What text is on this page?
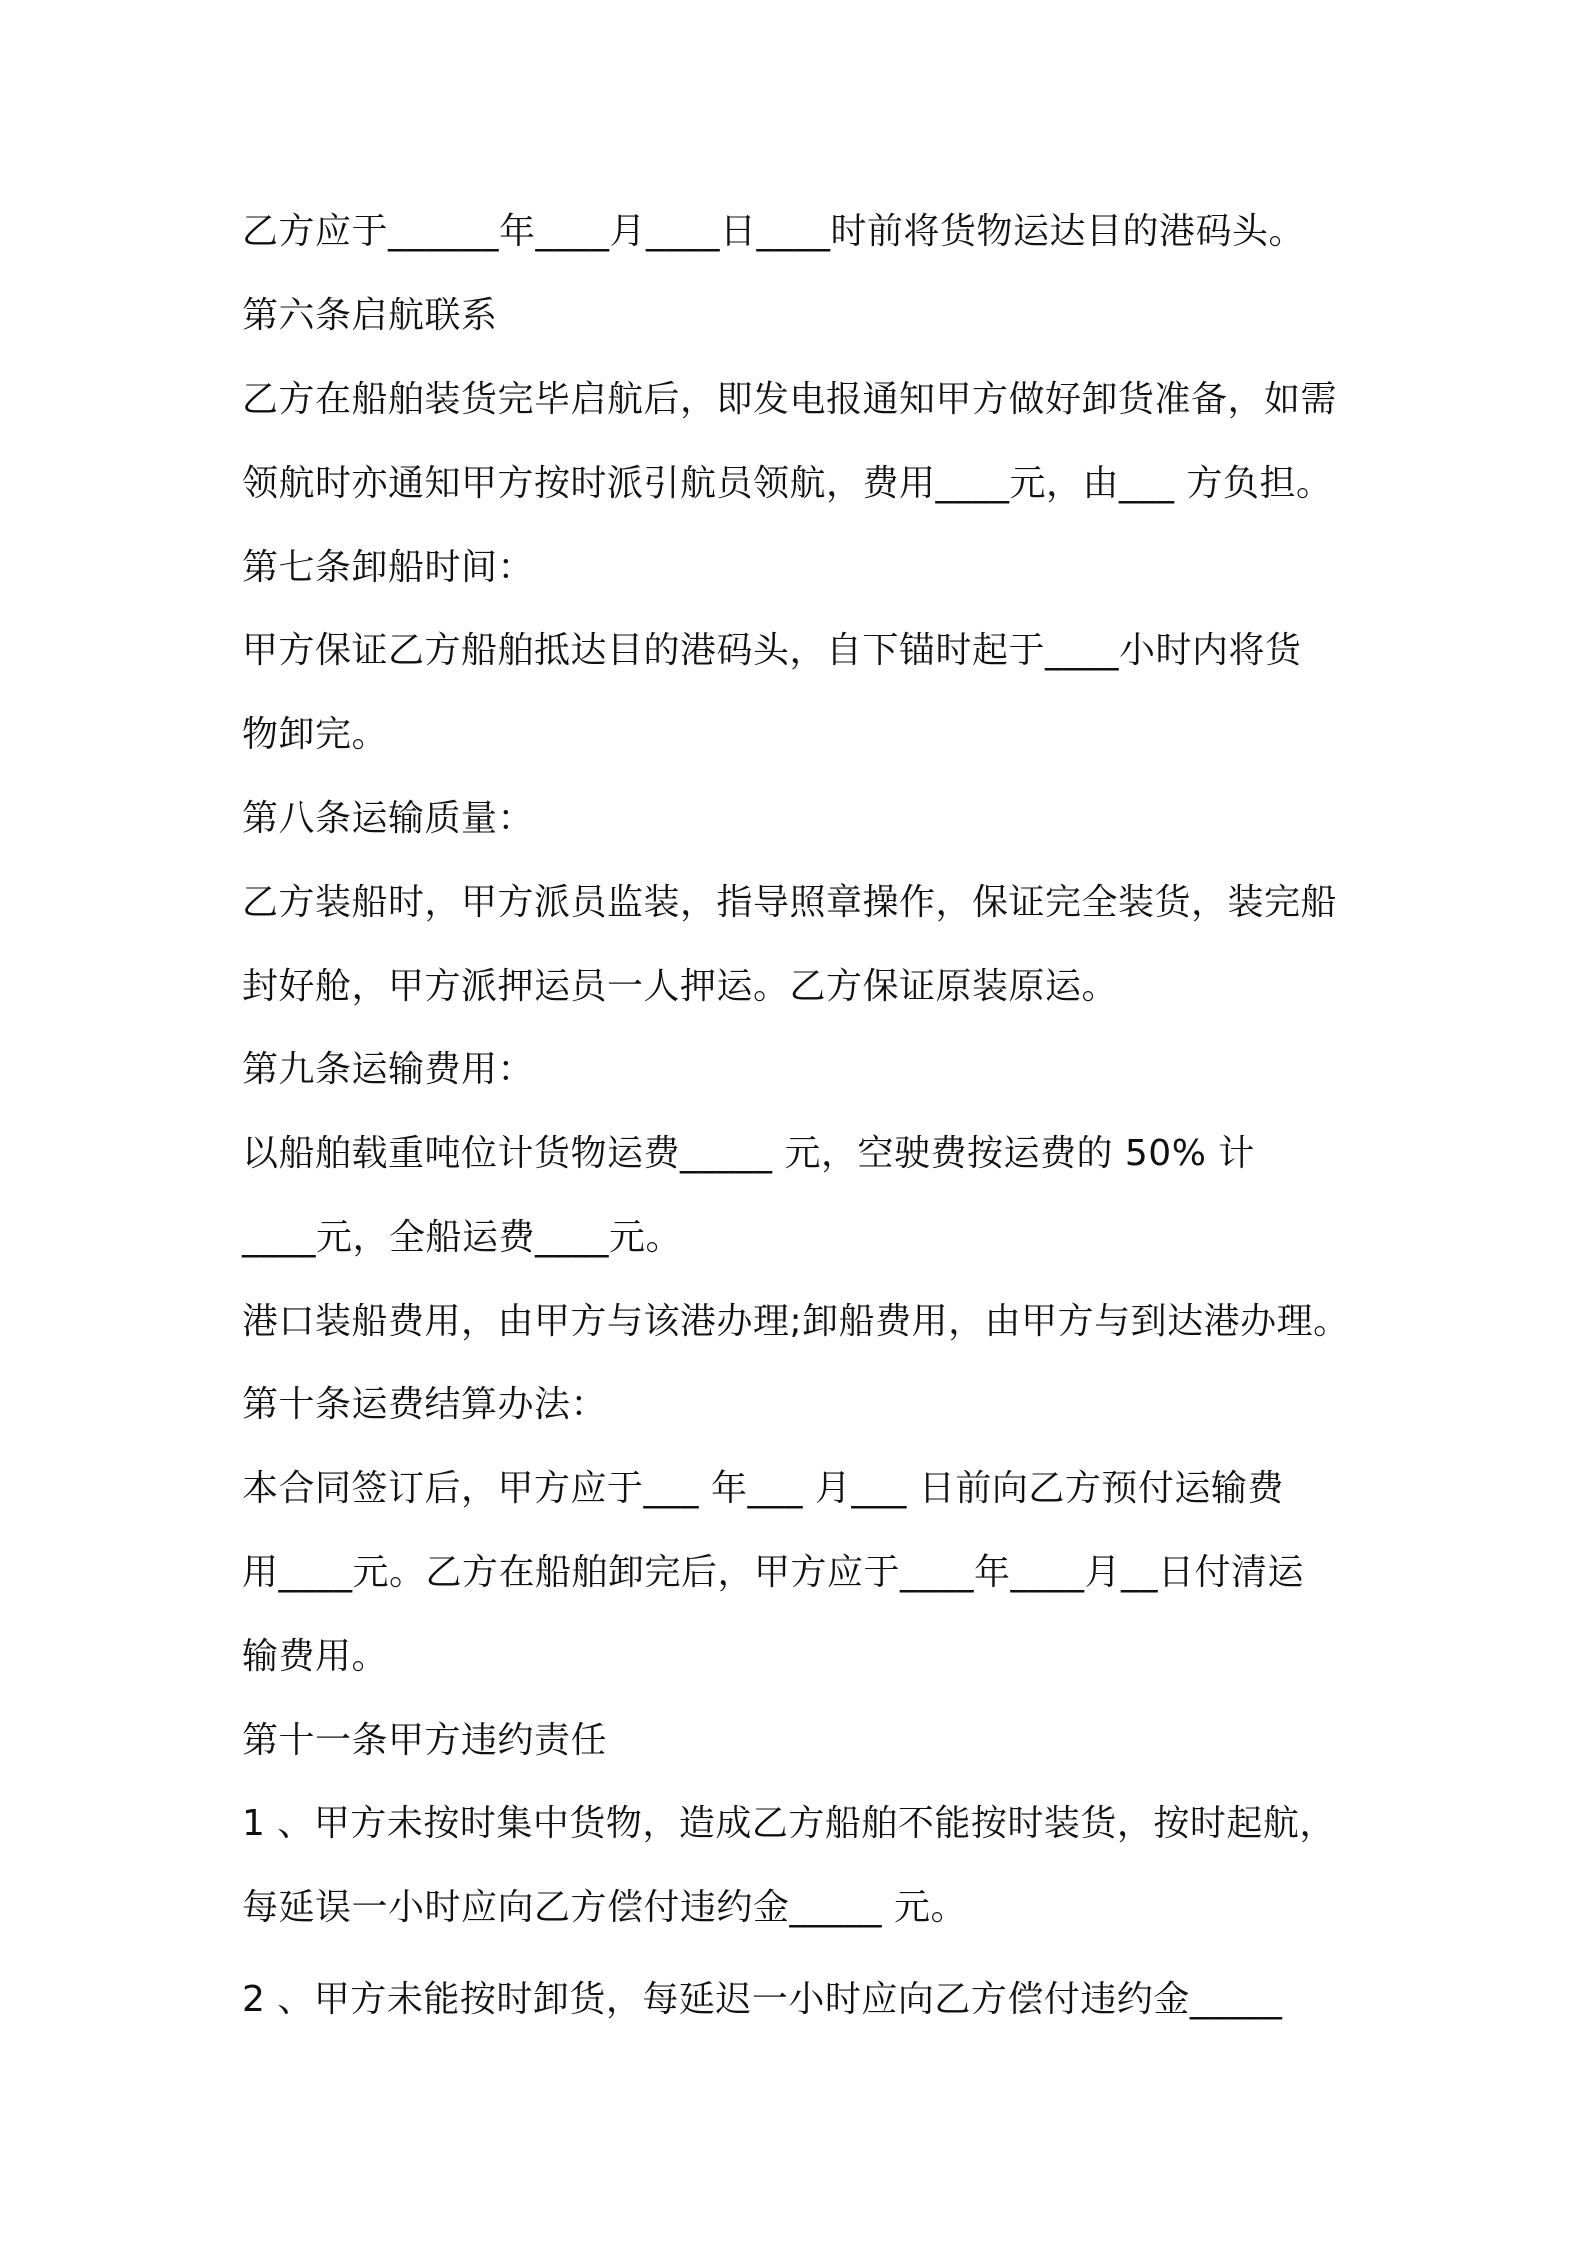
乙方应于______年____月____日____时前将货物运达目的港码头。
第六条启航联系
乙方在船舶装货完毕启航后，即发电报通知甲方做好卸货准备，如需
领航时亦通知甲方按时派引航员领航，费用____元，由___ 方负担。
第七条卸船时间：
甲方保证乙方船舶抵达目的港码头，自下锚时起于____小时内将货
物卸完。
第八条运输质量：
乙方装船时，甲方派员监装，指导照章操作，保证完全装货，装完船
封好舱，甲方派押运员一人押运。乙方保证原装原运。
第九条运输费用：
以船舶载重吨位计货物运费_____ 元，空驶费按运费的 50% 计
____元，全船运费____元。
港口装船费用，由甲方与该港办理;卸船费用，由甲方与到达港办理。
第十条运费结算办法：
本合同签订后，甲方应于___ 年___ 月___ 日前向乙方预付运输费
用____元。乙方在船舶卸完后，甲方应于____年____月__日付清运
输费用。
第十一条甲方违约责任
1 、甲方未按时集中货物，造成乙方船舶不能按时装货，按时起航，
每延误一小时应向乙方偿付违约金_____ 元。
2 、甲方未能按时卸货，每延迟一小时应向乙方偿付违约金_____
